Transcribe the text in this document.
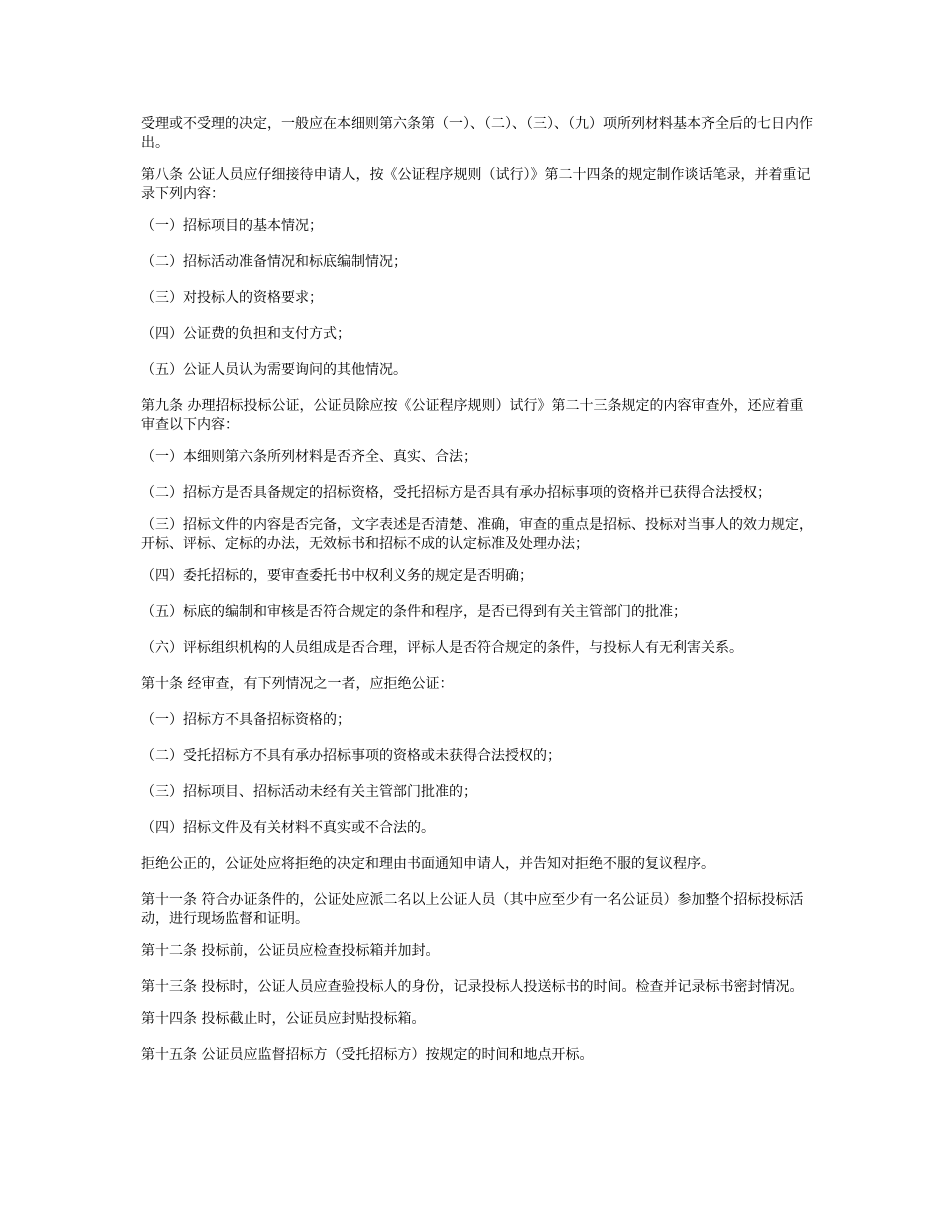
受理或不受理的决定，一般应在本细则第六条第（一）、（二）、（三）、（九）项所列材料基本齐全后的七日内作出。

第八条 公证人员应仔细接待申请人，按《公证程序规则（试行）》第二十四条的规定制作谈话笔录，并着重记录下列内容：

（一）招标项目的基本情况；

（二）招标活动准备情况和标底编制情况；

（三）对投标人的资格要求；

（四）公证费的负担和支付方式；

（五）公证人员认为需要询问的其他情况。

第九条 办理招标投标公证，公证员除应按《公证程序规则）试行》第二十三条规定的内容审查外，还应着重审查以下内容：

（一）本细则第六条所列材料是否齐全、真实、合法；

（二）招标方是否具备规定的招标资格，受托招标方是否具有承办招标事项的资格并已获得合法授权；

（三）招标文件的内容是否完备，文字表述是否清楚、准确，审查的重点是招标、投标对当事人的效力规定，开标、评标、定标的办法，无效标书和招标不成的认定标准及处理办法；

（四）委托招标的，要审查委托书中权利义务的规定是否明确；

（五）标底的编制和审核是否符合规定的条件和程序，是否已得到有关主管部门的批准；

（六）评标组织机构的人员组成是否合理，评标人是否符合规定的条件，与投标人有无利害关系。

第十条 经审查，有下列情况之一者，应拒绝公证：

（一）招标方不具备招标资格的；

（二）受托招标方不具有承办招标事项的资格或未获得合法授权的；

（三）招标项目、招标活动未经有关主管部门批准的；

（四）招标文件及有关材料不真实或不合法的。

拒绝公正的，公证处应将拒绝的决定和理由书面通知申请人，并告知对拒绝不服的复议程序。

第十一条 符合办证条件的，公证处应派二名以上公证人员（其中应至少有一名公证员）参加整个招标投标活动，进行现场监督和证明。

第十二条 投标前，公证员应检查投标箱并加封。

第十三条 投标时，公证人员应查验投标人的身份，记录投标人投送标书的时间。检查并记录标书密封情况。

第十四条 投标截止时，公证员应封贴投标箱。

第十五条 公证员应监督招标方（受托招标方）按规定的时间和地点开标。
